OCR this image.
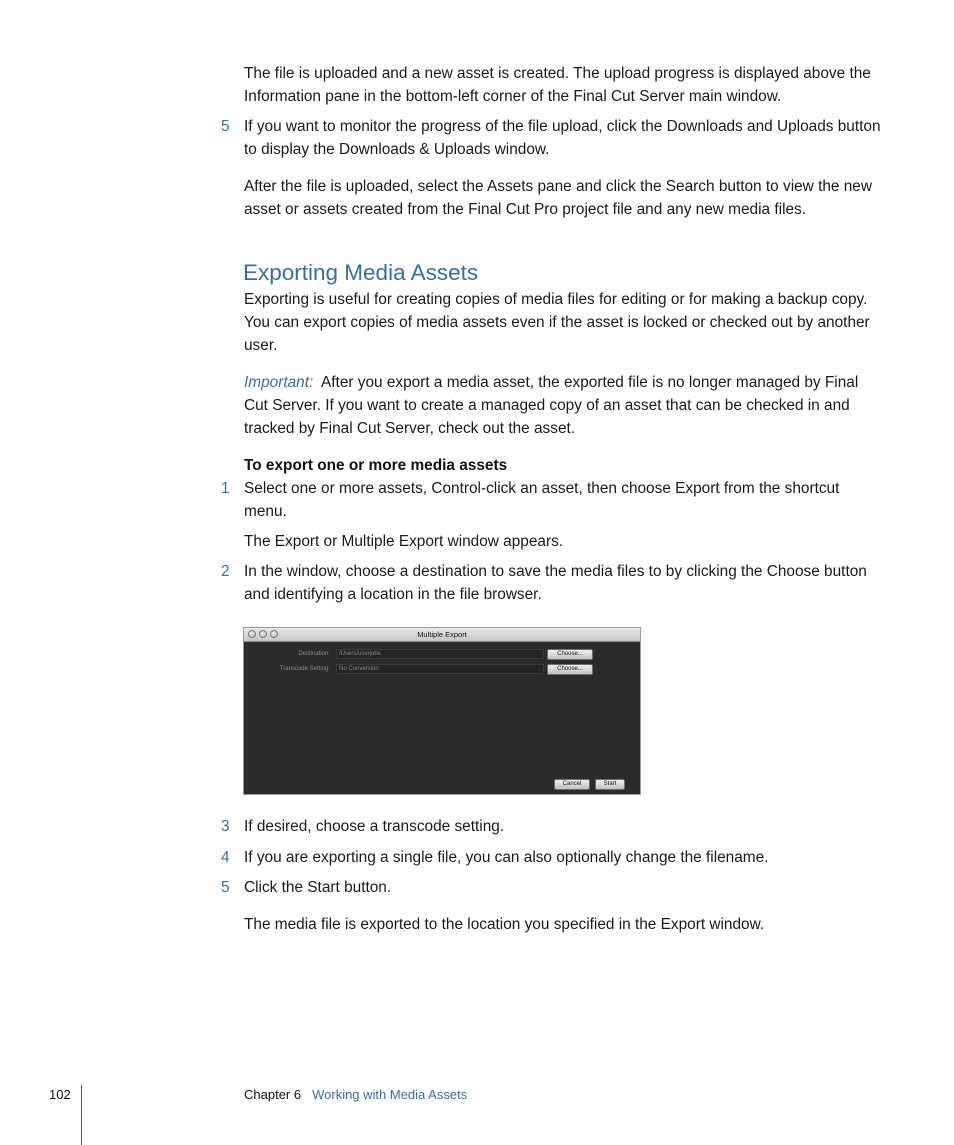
The file is uploaded and a new asset is created. The upload progress is displayed above the Information pane in the bottom-left corner of the Final Cut Server main window.

5 If you want to monitor the progress of the file upload, click the Downloads and Uploads button to display the Downloads & Uploads window.

After the file is uploaded, select the Assets pane and click the Search button to view the new asset or assets created from the Final Cut Pro project file and any new media files.

Exporting Media Assets

Exporting is useful for creating copies of media files for editing or for making a backup copy. You can export copies of media assets even if the asset is locked or checked out by another user.

Important: After you export a media asset, the exported file is no longer managed by Final Cut Server. If you want to create a managed copy of an asset that can be checked in and tracked by Final Cut Server, check out the asset.

To export one or more media assets

1 Select one or more assets, Control-click an asset, then choose Export from the shortcut menu.

The Export or Multiple Export window appears.

2 In the window, choose a destination to save the media files to by clicking the Choose button and identifying a location in the file browser.

Multiple Export
Destination:	/Users/userjobs	Choose...
Transcode Setting:	No Conversion	Choose...
Cancel	Start
3 If desired, choose a transcode setting.

4 If you are exporting a single file, you can also optionally change the filename.

5 Click the Start button.

The media file is exported to the location you specified in the Export window.

102	Chapter 6 Working with Media Assets
